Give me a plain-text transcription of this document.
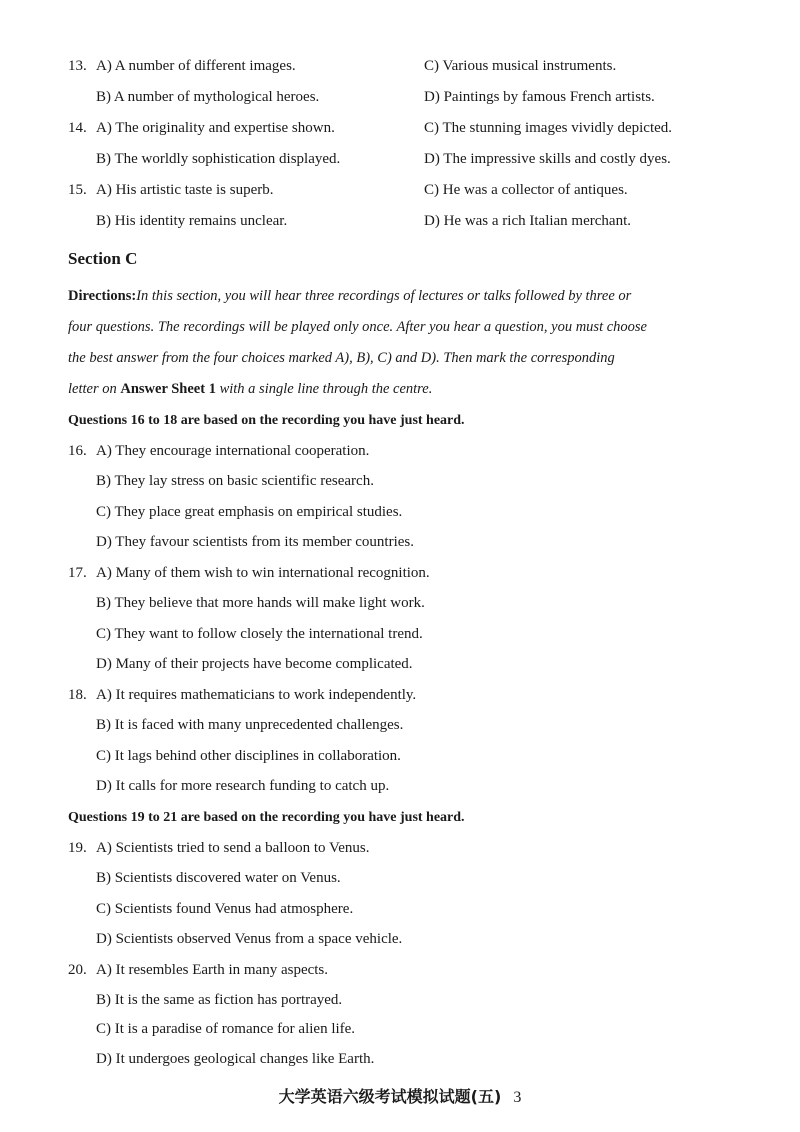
13. A) A number of different images.	C) Various musical instruments.
B) A number of mythological heroes.	D) Paintings by famous French artists.
14. A) The originality and expertise shown.	C) The stunning images vividly depicted.
B) The worldly sophistication displayed.	D) The impressive skills and costly dyes.
15. A) His artistic taste is superb.	C) He was a collector of antiques.
B) His identity remains unclear.	D) He was a rich Italian merchant.
Section C
Directions:In this section, you will hear three recordings of lectures or talks followed by three or
four questions. The recordings will be played only once. After you hear a question, you must choose
the best answer from the four choices marked A), B), C) and D). Then mark the corresponding
letter on Answer Sheet 1 with a single line through the centre.
Questions 16 to 18 are based on the recording you have just heard.
16. A) They encourage international cooperation.
B) They lay stress on basic scientific research.
C) They place great emphasis on empirical studies.
D) They favour scientists from its member countries.
17. A) Many of them wish to win international recognition.
B) They believe that more hands will make light work.
C) They want to follow closely the international trend.
D) Many of their projects have become complicated.
18. A) It requires mathematicians to work independently.
B) It is faced with many unprecedented challenges.
C) It lags behind other disciplines in collaboration.
D) It calls for more research funding to catch up.
Questions 19 to 21 are based on the recording you have just heard.
19. A) Scientists tried to send a balloon to Venus.
B) Scientists discovered water on Venus.
C) Scientists found Venus had atmosphere.
D) Scientists observed Venus from a space vehicle.
20. A) It resembles Earth in many aspects.
B) It is the same as fiction has portrayed.
C) It is a paradise of romance for alien life.
D) It undergoes geological changes like Earth.
大学英语六级考试模拟试题(五) 3
